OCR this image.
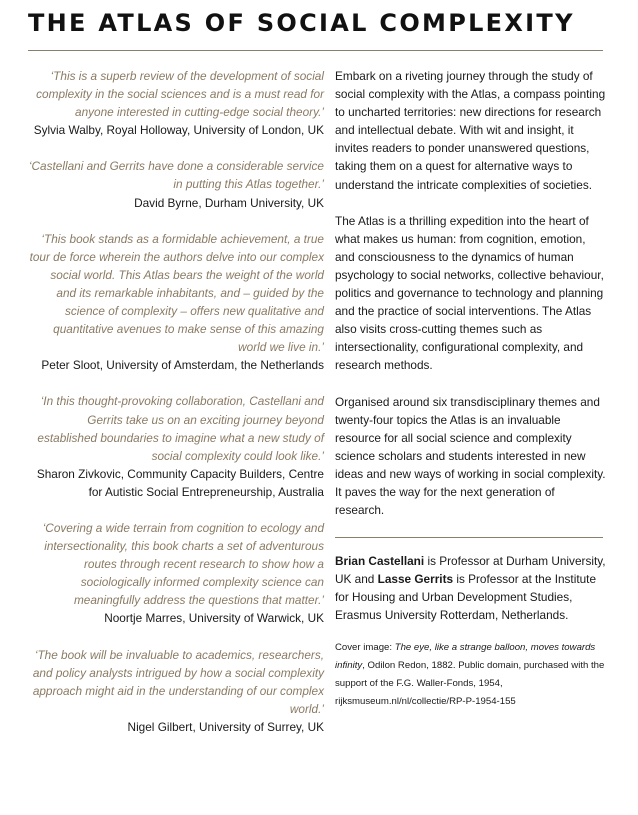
THE ATLAS OF SOCIAL COMPLEXITY
‘This is a superb review of the development of social complexity in the social sciences and is a must read for anyone interested in cutting-edge social theory.’
Sylvia Walby, Royal Holloway, University of London, UK
‘Castellani and Gerrits have done a considerable service in putting this Atlas together.’
David Byrne, Durham University, UK
‘This book stands as a formidable achievement, a true tour de force wherein the authors delve into our complex social world. This Atlas bears the weight of the world and its remarkable inhabitants, and – guided by the science of complexity – offers new qualitative and quantitative avenues to make sense of this amazing world we live in.’
Peter Sloot, University of Amsterdam, the Netherlands
‘In this thought-provoking collaboration, Castellani and Gerrits take us on an exciting journey beyond established boundaries to imagine what a new study of social complexity could look like.’
Sharon Zivkovic, Community Capacity Builders, Centre for Autistic Social Entrepreneurship, Australia
‘Covering a wide terrain from cognition to ecology and intersectionality, this book charts a set of adventurous routes through recent research to show how a sociologically informed complexity science can meaningfully address the questions that matter.’
Noortje Marres, University of Warwick, UK
‘The book will be invaluable to academics, researchers, and policy analysts intrigued by how a social complexity approach might aid in the understanding of our complex world.’
Nigel Gilbert, University of Surrey, UK

Embark on a riveting journey through the study of social complexity with the Atlas, a compass pointing to uncharted territories: new directions for research and intellectual debate. With wit and insight, it invites readers to ponder unanswered questions, taking them on a quest for alternative ways to understand the intricate complexities of societies.

The Atlas is a thrilling expedition into the heart of what makes us human: from cognition, emotion, and consciousness to the dynamics of human psychology to social networks, collective behaviour, politics and governance to technology and planning and the practice of social interventions. The Atlas also visits cross-cutting themes such as intersectionality, configurational complexity, and research methods.

Organised around six transdisciplinary themes and twenty-four topics the Atlas is an invaluable resource for all social science and complexity science scholars and students interested in new ideas and new ways of working in social complexity. It paves the way for the next generation of research.

Brian Castellani is Professor at Durham University, UK and Lasse Gerrits is Professor at the Institute for Housing and Urban Development Studies, Erasmus University Rotterdam, Netherlands.
Cover image: The eye, like a strange balloon, moves towards infinity, Odilon Redon, 1882. Public domain, purchased with the support of the F.G. Waller-Fonds, 1954, rijksmuseum.nl/nl/collectie/RP-P-1954-155
